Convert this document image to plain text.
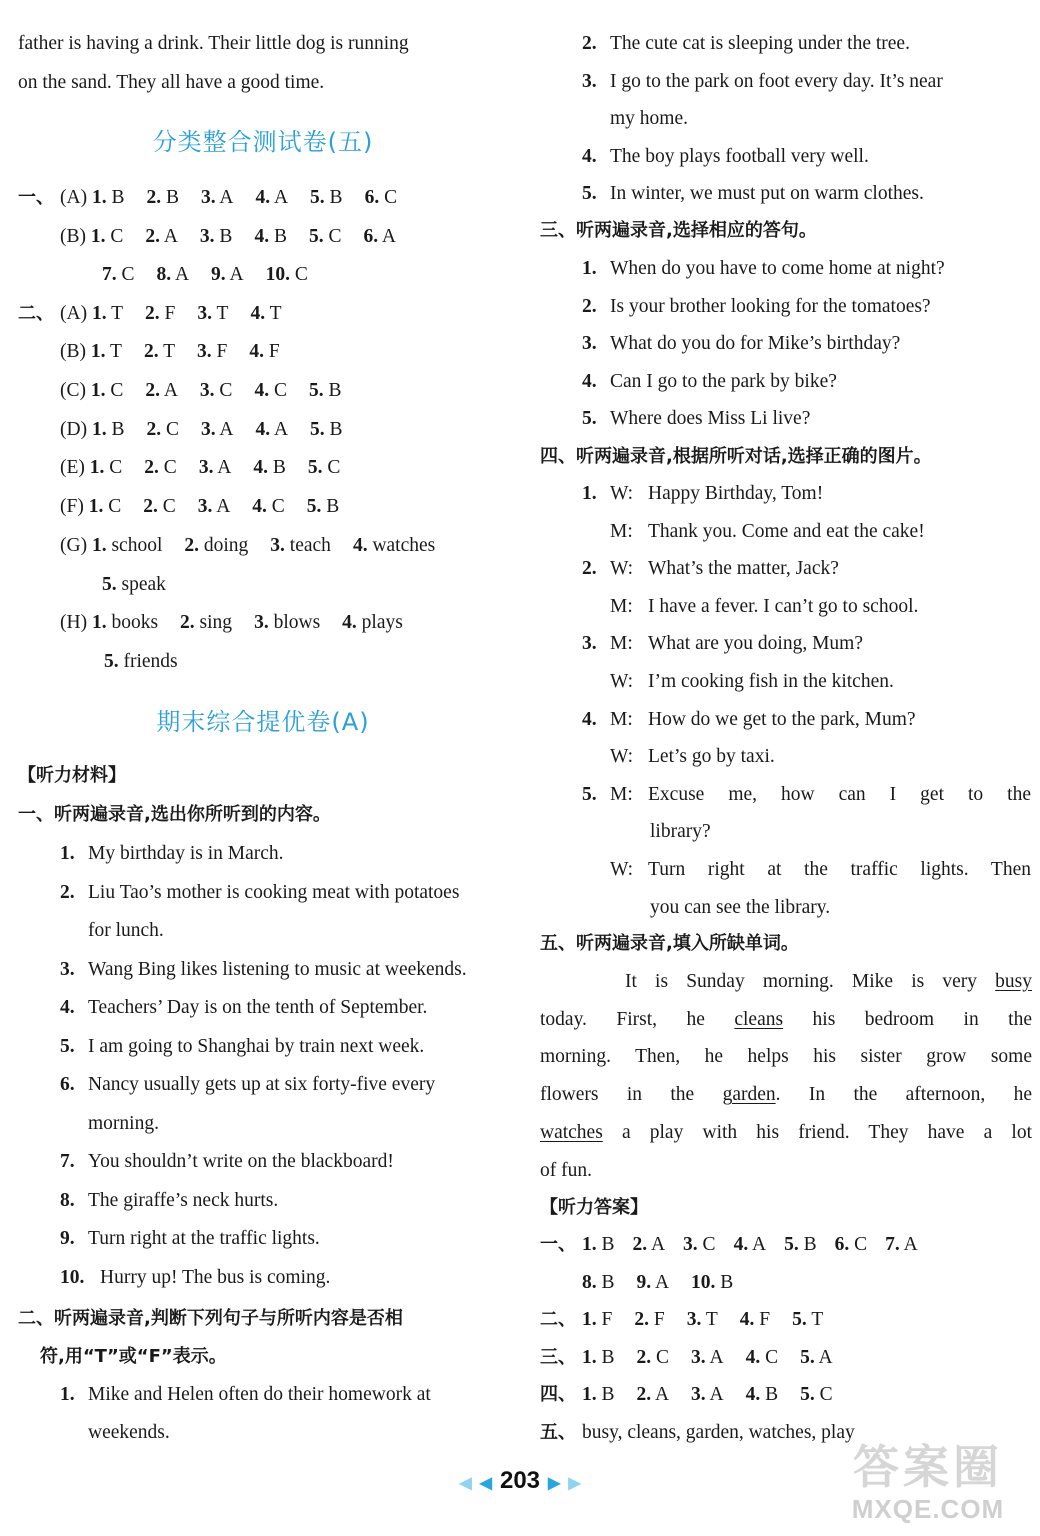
father is having a drink. Their little dog is running
on the sand. They all have a good time.
分类整合测试卷(五)
一、 (A) 1. B 2. B 3. A 4. A 5. B 6. C
(B) 1. C 2. A 3. B 4. B 5. C 6. A
7. C 8. A 9. A 10. C
二、 (A) 1. T 2. F 3. T 4. T
(B) 1. T 2. T 3. F 4. F
(C) 1. C 2. A 3. C 4. C 5. B
(D) 1. B 2. C 3. A 4. A 5. B
(E) 1. C 2. C 3. A 4. B 5. C
(F) 1. C 2. C 3. A 4. C 5. B
(G) 1. school 2. doing 3. teach 4. watches
5. speak
(H) 1. books 2. sing 3. blows 4. plays
5. friends
期末综合提优卷(A)
【听力材料】
一、听两遍录音,选出你所听到的内容。
1. My birthday is in March.
2. Liu Tao’s mother is cooking meat with potatoes
for lunch.
3. Wang Bing likes listening to music at weekends.
4. Teachers’ Day is on the tenth of September.
5. I am going to Shanghai by train next week.
6. Nancy usually gets up at six forty-five every
morning.
7. You shouldn’t write on the blackboard!
8. The giraffe’s neck hurts.
9. Turn right at the traffic lights.
10. Hurry up! The bus is coming.
二、听两遍录音,判断下列句子与所听内容是否相
符,用“T”或“F”表示。
1. Mike and Helen often do their homework at
weekends.
2. The cute cat is sleeping under the tree.
3. I go to the park on foot every day. It’s near
my home.
4. The boy plays football very well.
5. In winter, we must put on warm clothes.
三、听两遍录音,选择相应的答句。
1. When do you have to come home at night?
2. Is your brother looking for the tomatoes?
3. What do you do for Mike’s birthday?
4. Can I go to the park by bike?
5. Where does Miss Li live?
四、听两遍录音,根据所听对话,选择正确的图片。
1. W: Happy Birthday, Tom!
M: Thank you. Come and eat the cake!
2. W: What’s the matter, Jack?
M: I have a fever. I can’t go to school.
3. M: What are you doing, Mum?
W: I’m cooking fish in the kitchen.
4. M: How do we get to the park, Mum?
W: Let’s go by taxi.
5. M: Excuse me, how can I get to the
library?
W: Turn right at the traffic lights. Then
you can see the library.
五、听两遍录音,填入所缺单词。
It is Sunday morning. Mike is very busy
today. First, he cleans his bedroom in the
morning. Then, he helps his sister grow some
flowers in the garden. In the afternoon, he
watches a play with his friend. They have a lot
of fun.
【听力答案】
一、 1. B 2. A 3. C 4. A 5. B 6. C 7. A
8. B 9. A 10. B
二、 1. F 2. F 3. T 4. F 5. T
三、 1. B 2. C 3. A 4. C 5. A
四、 1. B 2. A 3. A 4. B 5. C
五、 busy, cleans, garden, watches, play
◀ ◀ 203 ▶ ▶	答案圈
MXQE.COM
